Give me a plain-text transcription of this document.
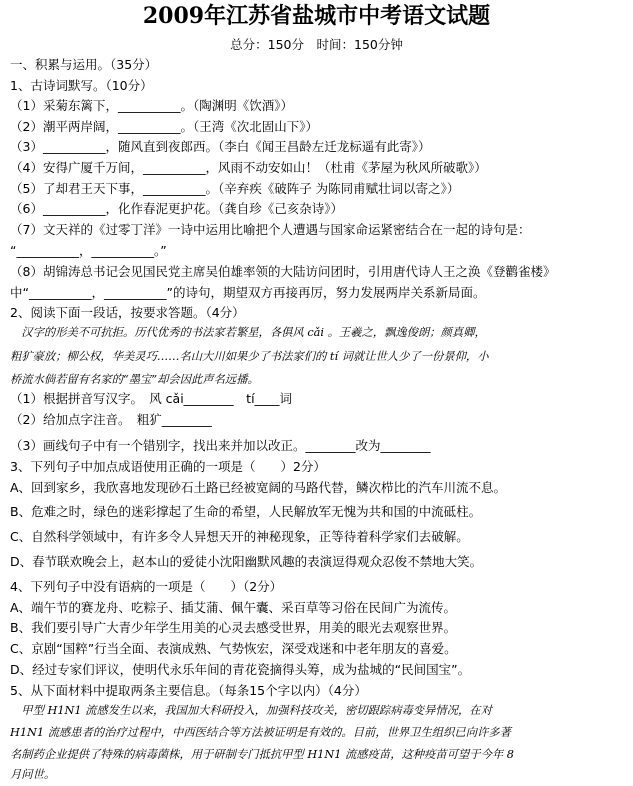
2009年江苏省盐城市中考语文试题
总分：150分　时间：150分钟
一、积累与运用。（35分）
1、古诗词默写。（10分）
（1）采菊东篱下，__________。（陶渊明《饮酒》）
（2）潮平两岸阔，__________。（王湾《次北固山下》）
（3）__________，随风直到夜郎西。（李白《闻王昌龄左迁龙标遥有此寄》）
（4）安得广厦千万间，__________，风雨不动安如山！（杜甫《茅屋为秋风所破歌》）
（5）了却君王天下事，__________。（辛弃疾《破阵子 为陈同甫赋壮词以寄之》）
（6）__________，化作春泥更护花。（龚自珍《己亥杂诗》）
（7）文天祥的《过零丁洋》一诗中运用比喻把个人遭遇与国家命运紧密结合在一起的诗句是：
“__________，__________。”
（8）胡锦涛总书记会见国民党主席吴伯雄率领的大陆访问团时，引用唐代诗人王之涣《登鹳雀楼》
中“__________，__________”的诗句，期望双方再接再厉，努力发展两岸关系新局面。
2、阅读下面一段话，按要求答题。（4分）
　汉字的形美不可抗拒。历代优秀的书法家若繁星，各俱风 cǎi 。王羲之，飘逸俊朗；颜真卿，
粗犷豪放；柳公权，华美灵巧……名山大川如果少了书法家们的 tí 词就让世人少了一份景仰，小
桥流水倘若留有名家的“墨宝”却会因此声名远播。
（1）根据拼音写汉字。　风 cǎi________　tí____词
（2）给加点字注音。　粗犷________
（3）画线句子中有一个错别字，找出来并加以改正。________改为________
3、下列句子中加点成语使用正确的一项是（　　）2分）
A、回到家乡，我欣喜地发现砂石土路已经被宽阔的马路代替，鳞次栉比的汽车川流不息。
B、危难之时，绿色的迷彩撑起了生命的希望，人民解放军无愧为共和国的中流砥柱。
C、自然科学领域中，有许多令人异想天开的神秘现象，正等待着科学家们去破解。
D、春节联欢晚会上，赵本山的爱徒小沈阳幽默风趣的表演逗得观众忍俊不禁地大笑。
4、下列句子中没有语病的一项是（　　）（2分）
A、端午节的赛龙舟、吃粽子、插艾蒲、佩午囊、采百草等习俗在民间广为流传。
B、我们要引导广大青少年学生用美的心灵去感受世界，用美的眼光去观察世界。
C、京剧“国粹”行当全面、表演成熟、气势恢宏，深受戏迷和中老年朋友的喜爱。
D、经过专家们评议，使明代永乐年间的青花瓷摘得头筹，成为盐城的“民间国宝”。
5、从下面材料中提取两条主要信息。（每条15个字以内）（4分）
　甲型 H1N1 流感发生以来，我国加大科研投入，加强科技攻关，密切跟踪病毒变异情况，在对
H1N1 流感患者的治疗过程中，中西医结合等方法被证明是有效的。目前，世界卫生组织已向许多著
名制药企业提供了特殊的病毒菌株，用于研制专门抵抗甲型 H1N1 流感疫苗，这种疫苗可望于今年 8
月问世。
